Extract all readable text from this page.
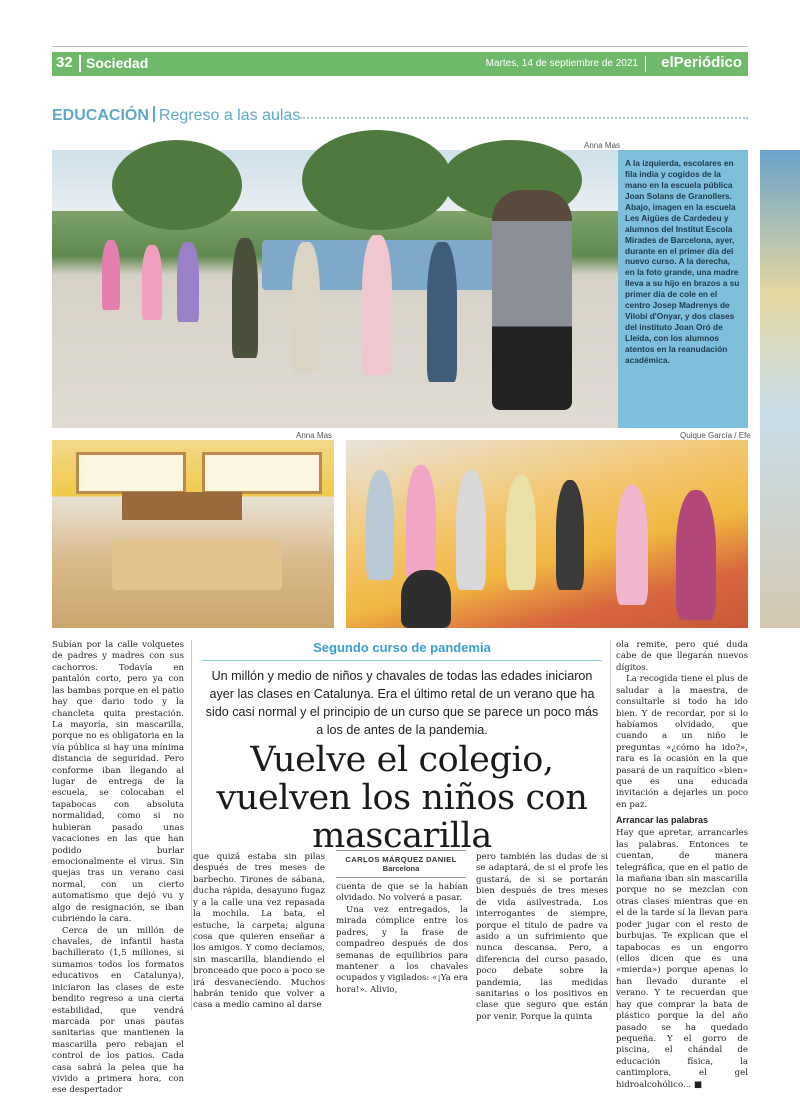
32 Sociedad	Martes, 14 de septiembre de 2021 elPeriódico
EDUCACIÓN Regreso a las aulas
Anna Mas
Anna Mas	Quique García / Efe

A la izquierda, escolares en fila india y cogidos de la mano en la escuela pública Joan Solans de Granollers. Abajo, imagen en la escuela Les Aigües de Cardedeu y alumnos del Institut Escola Mirades de Barcelona, ayer, durante en el primer día del nuevo curso. A la derecha, en la foto grande, una madre lleva a su hijo en brazos a su primer día de cole en el centro Josep Madrenys de Vilobí d'Onyar, y dos clases del instituto Joan Oró de Lleida, con los alumnos atentos en la reanudación académica.

Subían por la calle volquetes de padres y madres con sus cachorros. Todavía en pantalón corto, pero ya con las bambas porque en el patio hay que dario todo y la chancleta quita prestación. La mayoría, sin mascarilla, porque no es obligatoria en la vía pública si hay una mínima distancia de seguridad. Pero conforme iban llegando al lugar de entrega de la escuela, se colocaban el tapabocas con absoluta normalidad, como si no hubieran pasado unas vacaciones en las que han podido burlar emocionalmente el virus. Sin quejas tras un verano casi normal, con un cierto automatismo que dejó vu y algo de resignación, se iban cubriendo la cara.

Cerca de un millón de chavales, de infantil hasta bachillerato (1,5 millones, si sumamos todos los formatos educativos en Catalunya), iniciaron las clases de este bendito regreso a una cierta estabilidad, que vendrá marcada por unas pautas sanitarias que mantienen la mascarilla pero rebajan el control de los patios. Cada casa sabrá la pelea que ha vivido a primera hora, con ese despertador

Segundo curso de pandemia
Un millón y medio de niños y chavales de todas las edades iniciaron ayer las clases en Catalunya. Era el último retal de un verano que ha sido casi normal y el principio de un curso que se parece un poco más a los de antes de la pandemia.
Vuelve el colegio, vuelven los niños con mascarilla

que quizá estaba sin pilas después de tres meses de barbecho. Tirones de sábana, ducha rápida, desayuno fugaz y a la calle una vez repasada la mochila. La bata, el estuche, la carpeta; alguna cosa que quieren enseñar a los amigos. Y como decíamos, sin mascarilla, blandiendo el bronceado que poco a poco se irá desvaneciendo. Muchos habrán tenido que volver a casa a medio camino al darse

CARLOS MÁRQUEZ DANIEL
Barcelona

cuenta de que se la habían olvidado. No volverá a pasar.

Una vez entregados, la mirada cómplice entre los padres, y la frase de compadreo después de dos semanas de equilibrios para mantener a los chavales ocupados y vigilados: «¡Ya era hora!». Alivio,

pero también las dudas de si se adaptará, de si el profe les gustará, de si se portarán bien después de tres meses de vida asilvestrada. Los interrogantes de siempre, porque el título de padre va asido a un sufrimiento que nunca descansa. Pero, a diferencia del curso pasado, poco debate sobre la pandemia, las medidas sanitarias o los positivos en clase que seguro que están por venir. Porque la quinta

ola remite, pero qué duda cabe de que llegarán nuevos dígitos.

La recogida tiene el plus de saludar a la maestra, de consultarle si todo ha ido bien. Y de recordar, por si lo habíamos olvidado, que cuando a un niño le preguntas «¿cómo ha ido?», rara es la ocasión en la que pasará de un raquítico «bien» que es una educada invitación a dejarles un poco en paz.

Arrancar las palabras

Hay que apretar, arrancarles las palabras. Entonces te cuentan, de manera telegráfica, que en el patio de la mañana iban sin mascarilla porque no se mezclan con otras clases mientras que en el de la tarde sí la llevan para poder jugar con el resto de burbujas. Te explican que el tapabocas es un engorro (ellos dicen que es una «mierda») porque apenas lo han llevado durante el verano. Y te recuerdan que hay que comprar la bata de plástico porque la del año pasado se ha quedado pequeña. Y el gorro de piscina, el chándal de educación física, la cantimplora, el gel hidroalcohólico... ■
